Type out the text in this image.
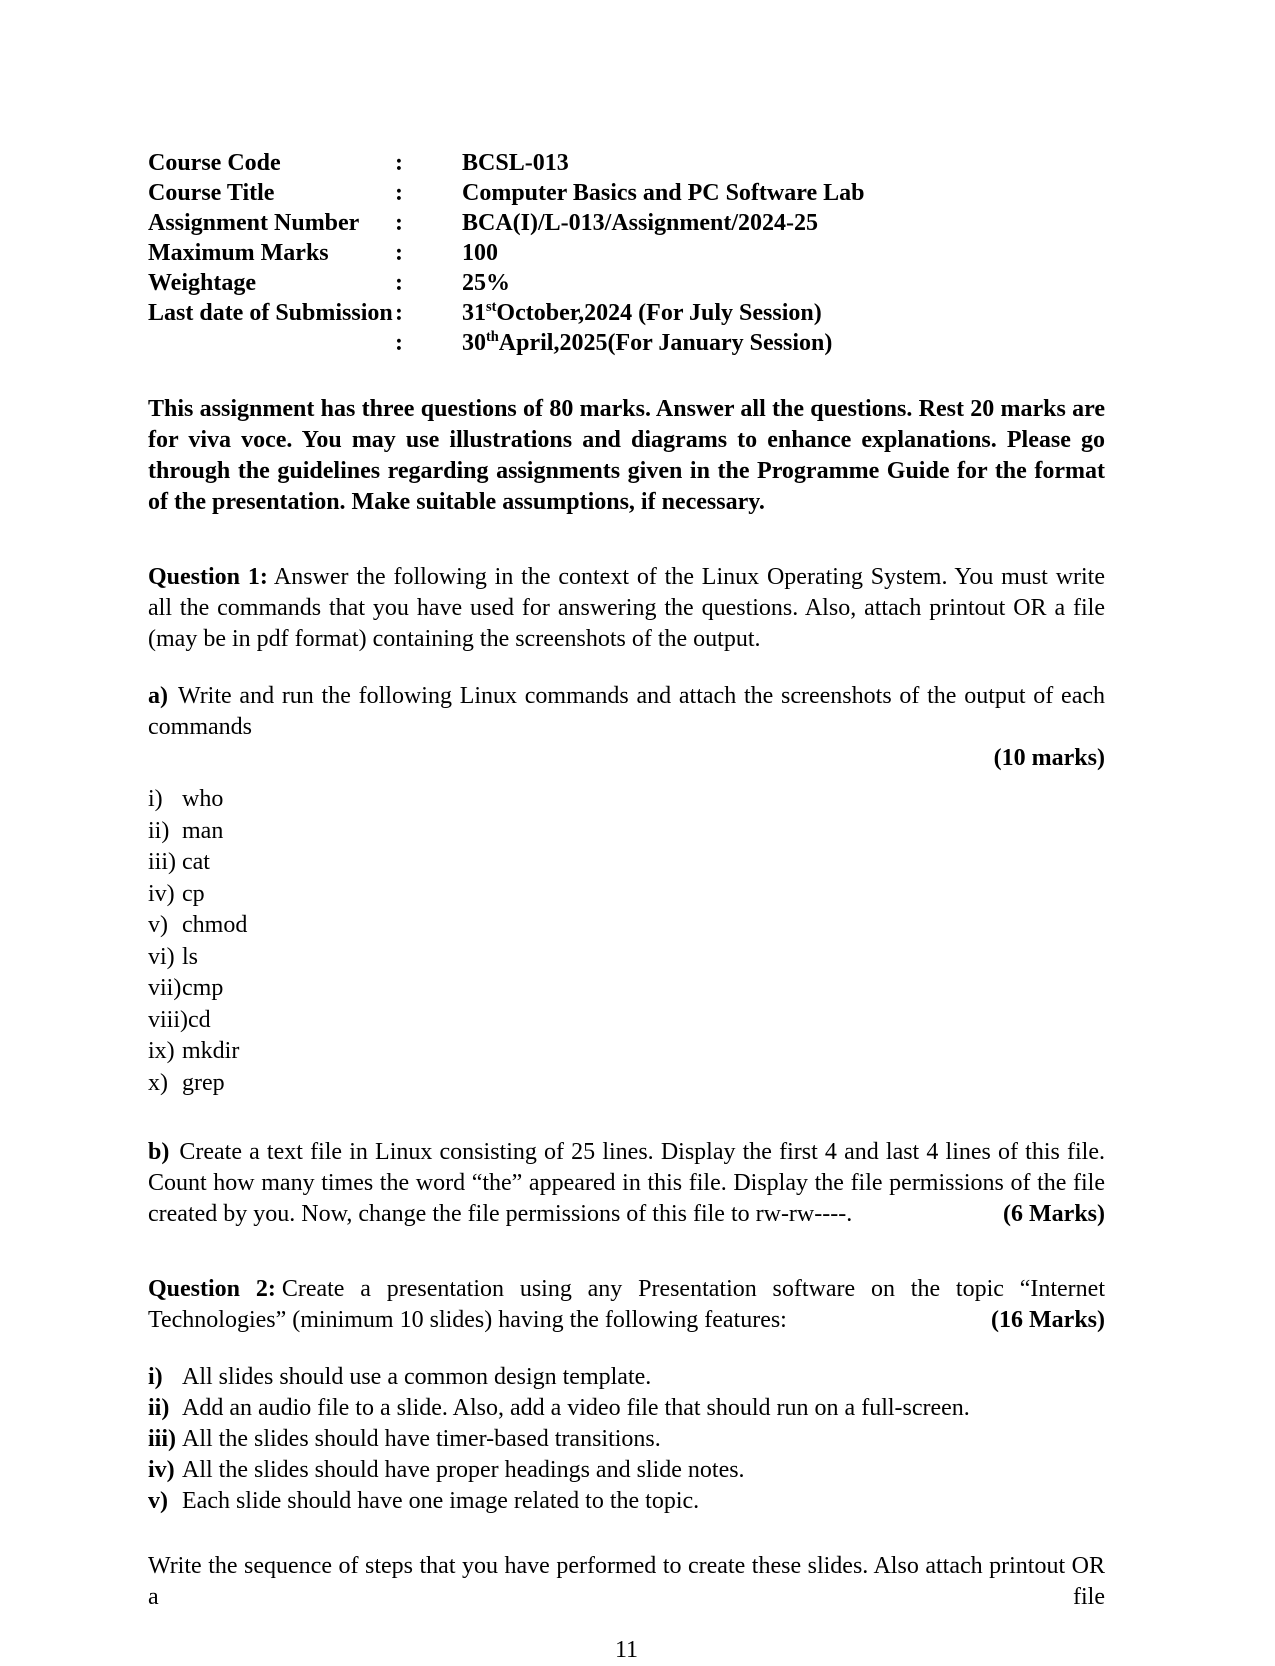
Course Code	:	BCSL-013
Course Title	:	Computer Basics and PC Software Lab
Assignment Number	:	BCA(I)/L-013/Assignment/2024-25
Maximum Marks	:	100
Weightage	:	25%
Last date of Submission :	31stOctober,2024 (For July Session)
:	30thApril,2025(For January Session)
This assignment has three questions of 80 marks. Answer all the questions. Rest 20 marks are for viva voce. You may use illustrations and diagrams to enhance explanations. Please go through the guidelines regarding assignments given in the Programme Guide for the format of the presentation. Make suitable assumptions, if necessary.
Question 1: Answer the following in the context of the Linux Operating System. You must write all the commands that you have used for answering the questions. Also, attach printout OR a file (may be in pdf format) containing the screenshots of the output.
a) Write and run the following Linux commands and attach the screenshots of the output of each commands
(10 marks)
i) who
ii) man
iii) cat
iv) cp
v) chmod
vi) ls
vii)cmp
viii)cd
ix) mkdir
x) grep
b) Create a text file in Linux consisting of 25 lines. Display the first 4 and last 4 lines of this file. Count how many times the word “the” appeared in this file. Display the file permissions of the file created by you. Now, change the file permissions of this file to rw-rw----.	(6 Marks)
Question 2: Create a presentation using any Presentation software on the topic “Internet Technologies” (minimum 10 slides) having the following features:	(16 Marks)
i) All slides should use a common design template.
ii) Add an audio file to a slide. Also, add a video file that should run on a full-screen.
iii) All the slides should have timer-based transitions.
iv) All the slides should have proper headings and slide notes.
v) Each slide should have one image related to the topic.
Write the sequence of steps that you have performed to create these slides. Also attach printout OR a file
11
